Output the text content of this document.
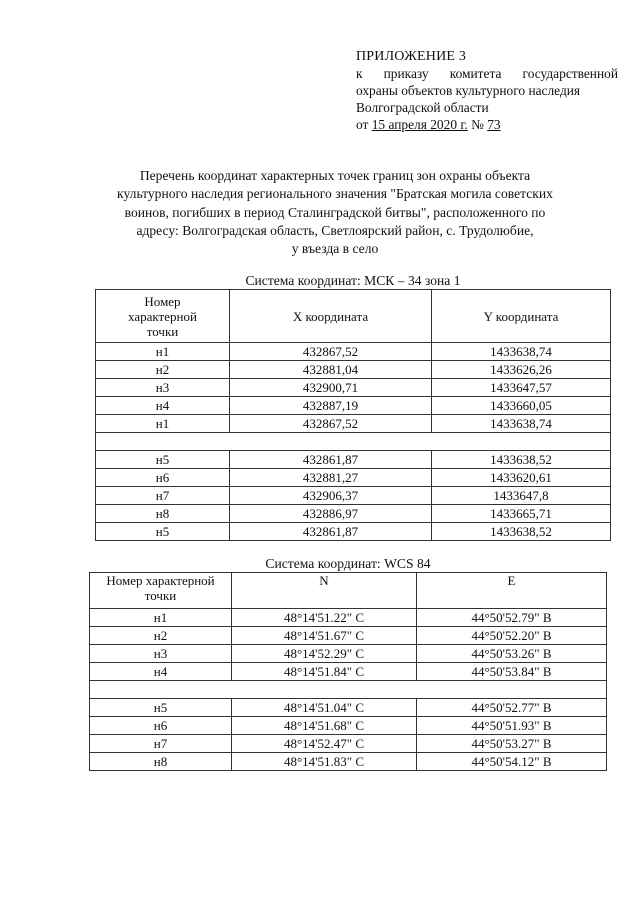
ПРИЛОЖЕНИЕ 3
к приказу комитета государственной
охраны объектов культурного наследия
Волгоградской области
от 15 апреля 2020 г. № 73
Перечень координат характерных точек границ зон охраны объекта
культурного наследия регионального значения "Братская могила советских
воинов, погибших в период Сталинградской битвы", расположенного по
адресу: Волгоградская область, Светлоярский район, с. Трудолюбие,
у въезда в село
Система координат: МСК – 34 зона 1
Номер
характерной
точки	X координата	Y координата
н1	432867,52	1433638,74
н2	432881,04	1433626,26
н3	432900,71	1433647,57
н4	432887,19	1433660,05
н1	432867,52	1433638,74

н5	432861,87	1433638,52
н6	432881,27	1433620,61
н7	432906,37	1433647,8
н8	432886,97	1433665,71
н5	432861,87	1433638,52
Система координат: WCS 84
Номер характерной
точки	N	E
н1	48°14'51.22" С	44°50'52.79" В
н2	48°14'51.67" С	44°50'52.20" В
н3	48°14'52.29" С	44°50'53.26" В
н4	48°14'51.84" С	44°50'53.84" В

н5	48°14'51.04" С	44°50'52.77" В
н6	48°14'51.68" С	44°50'51.93" В
н7	48°14'52.47" С	44°50'53.27" В
н8	48°14'51.83" С	44°50'54.12" В
